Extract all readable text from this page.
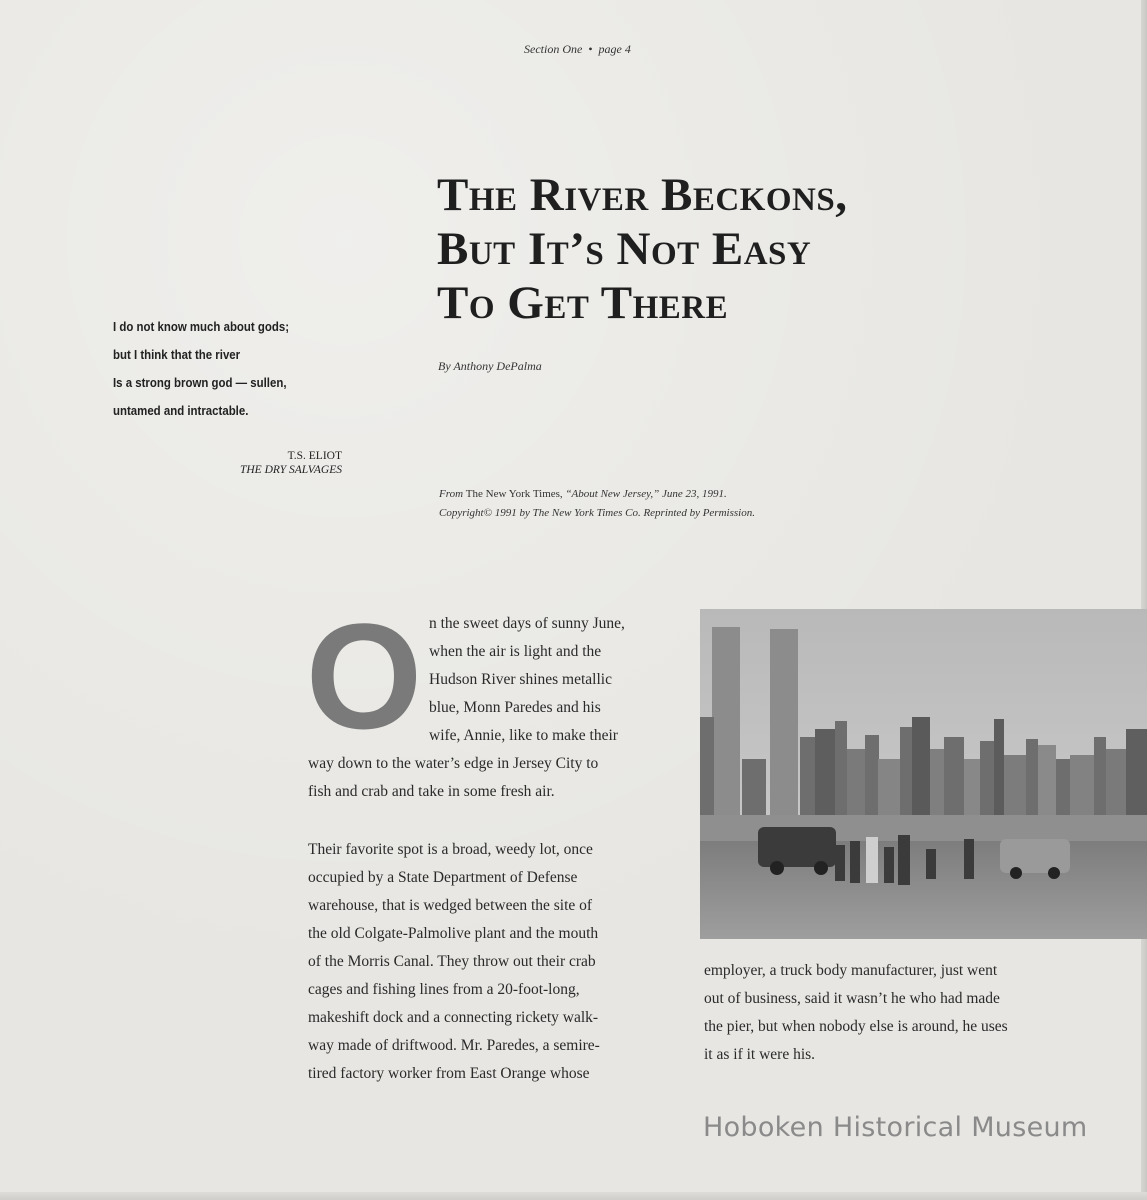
Section One • page 4
The River Beckons,
But It’s Not Easy
To Get There
By Anthony DePalma
I do not know much about gods;
but I think that the river
Is a strong brown god — sullen,
untamed and intractable.
T.S. ELIOT
THE DRY SALVAGES
From The New York Times, “About New Jersey,” June 23, 1991.
Copyright© 1991 by The New York Times Co. Reprinted by Permission.
O n the sweet days of sunny June,
when the air is light and the
Hudson River shines metallic
blue, Monn Paredes and his
wife, Annie, like to make their
way down to the water’s edge in Jersey City to
fish and crab and take in some fresh air.
Their favorite spot is a broad, weedy lot, once
occupied by a State Department of Defense
warehouse, that is wedged between the site of
the old Colgate-Palmolive plant and the mouth
of the Morris Canal. They throw out their crab
cages and fishing lines from a 20-foot-long,
makeshift dock and a connecting rickety walk-
way made of driftwood. Mr. Paredes, a semire-
tired factory worker from East Orange whose
employer, a truck body manufacturer, just went
out of business, said it wasn’t he who had made
the pier, but when nobody else is around, he uses
it as if it were his.
Hoboken Historical Museum
